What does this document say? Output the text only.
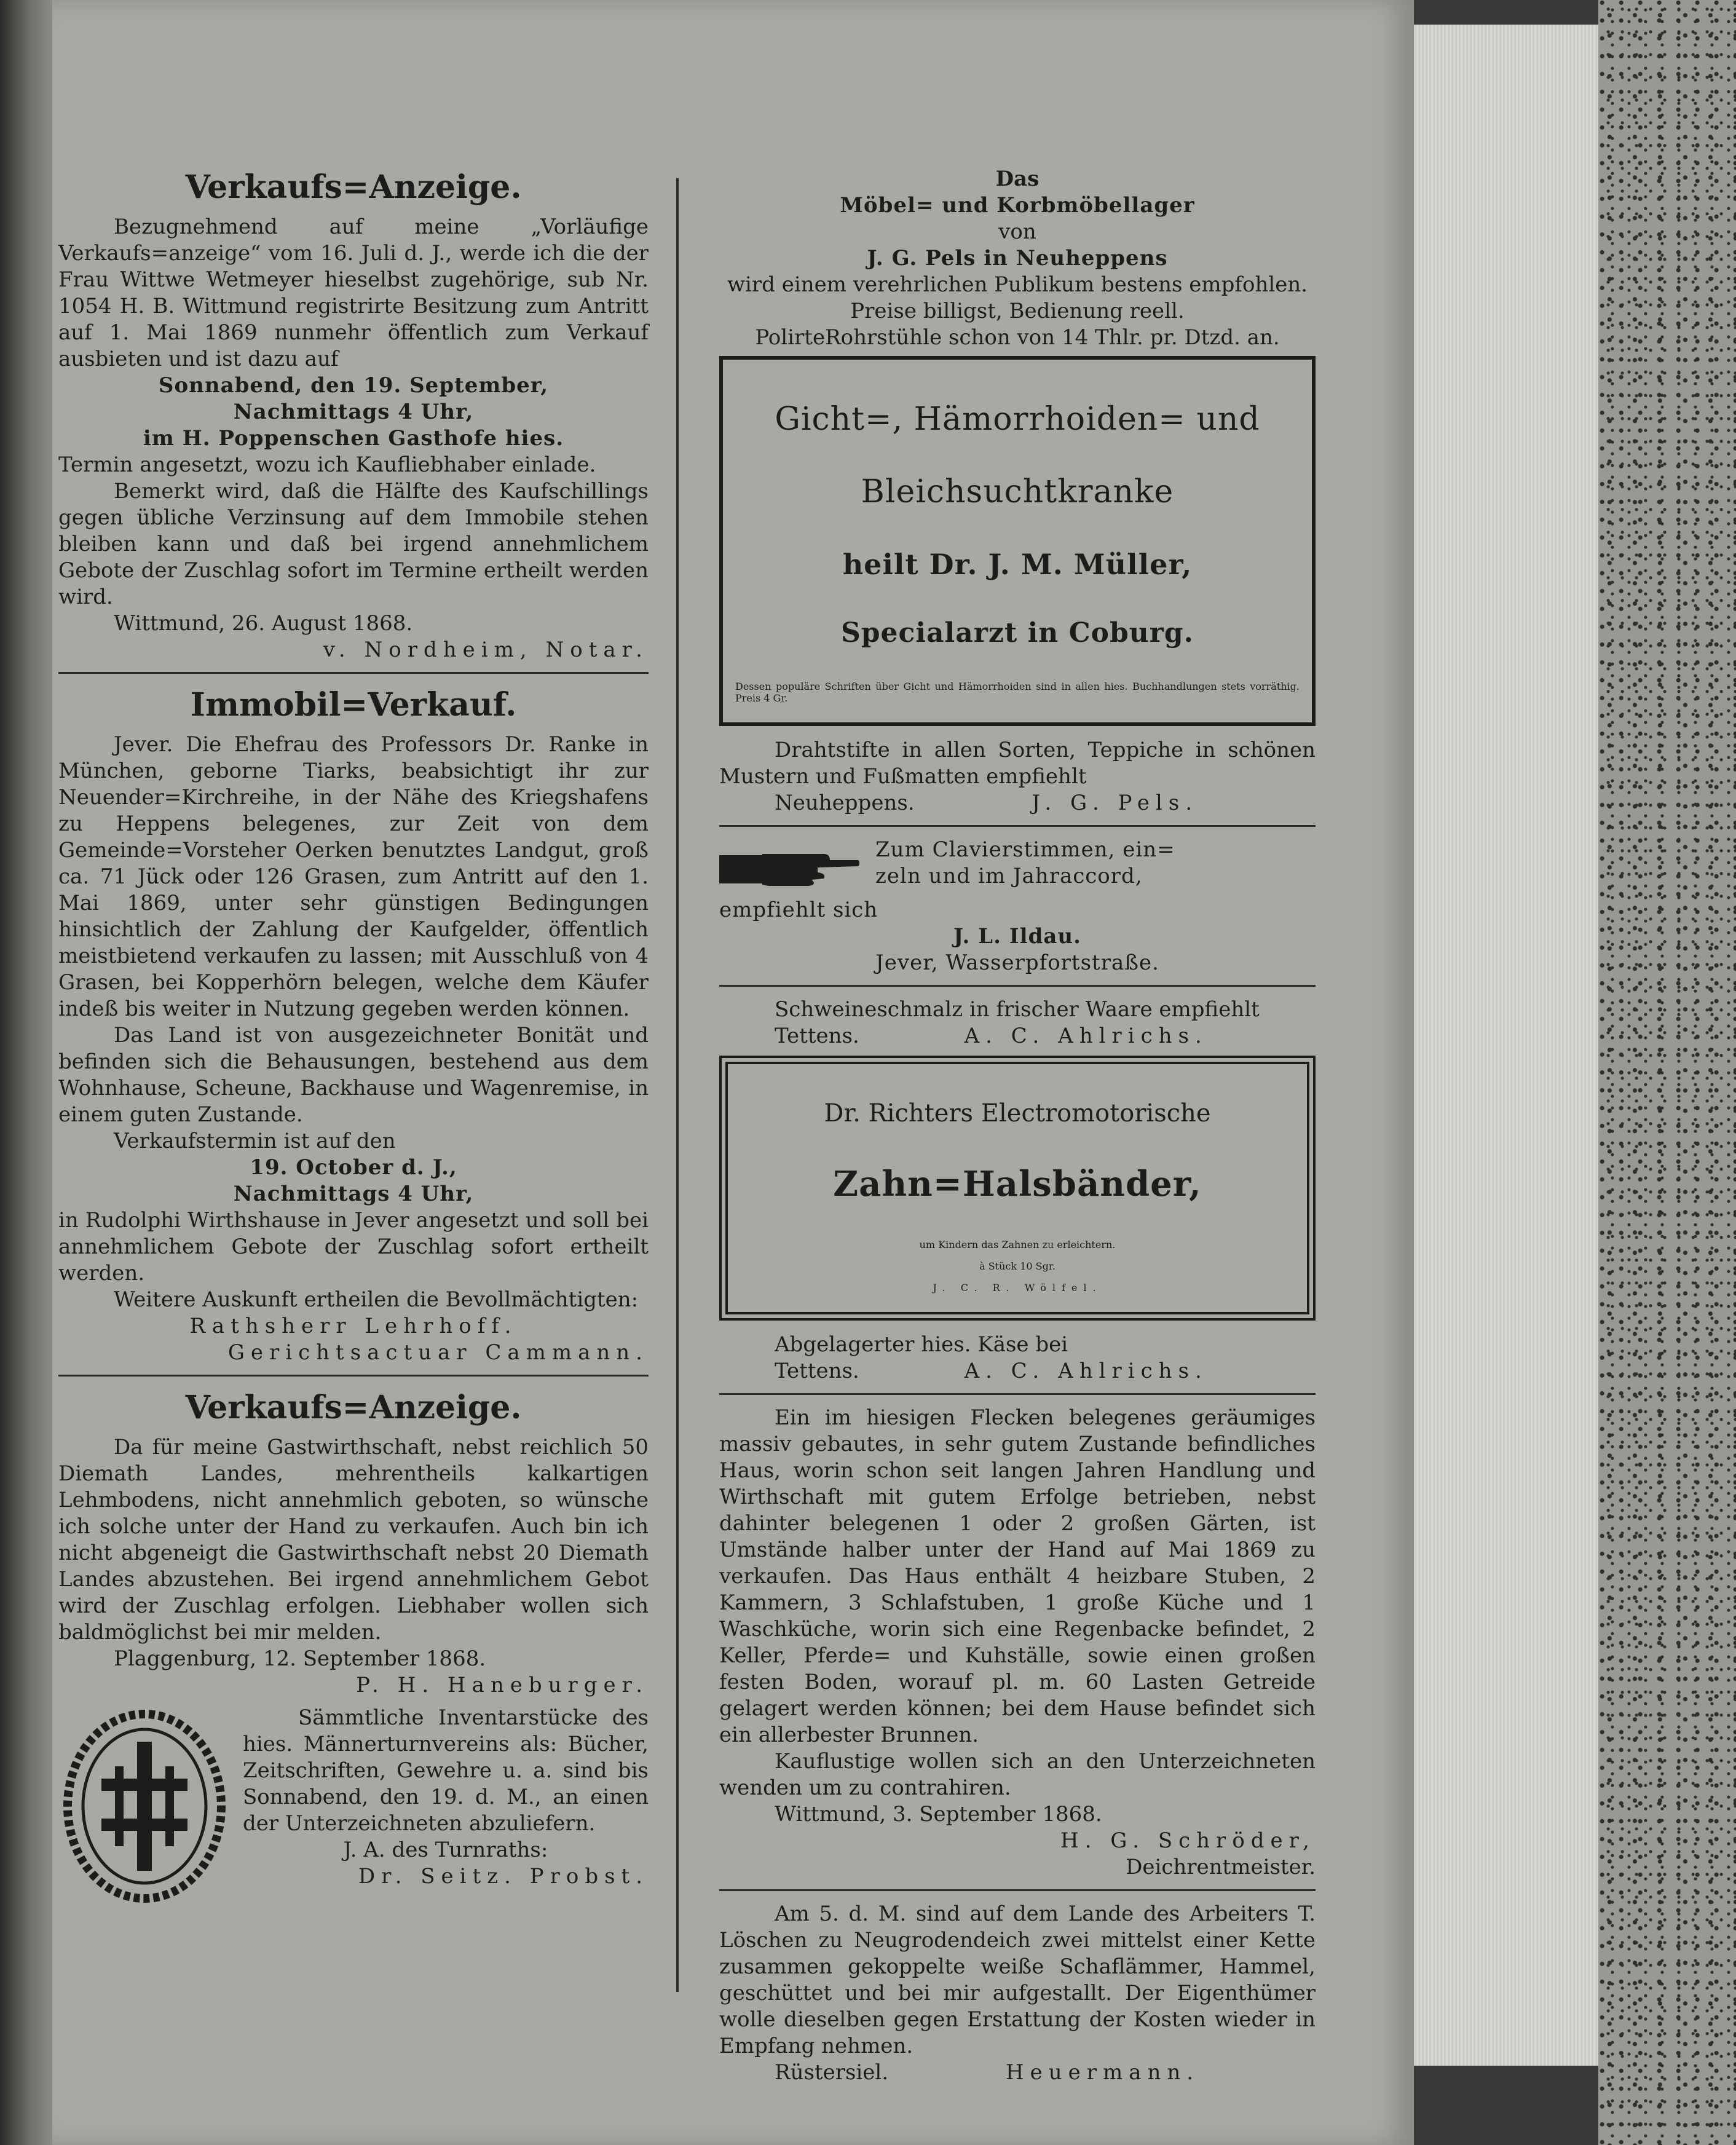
Verkaufs=Anzeige.

Bezugnehmend auf meine „Vorläufige Verkaufs=anzeige“ vom 16. Juli d. J., werde ich die der Frau Wittwe Wetmeyer hieselbst zugehörige, sub Nr. 1054 H. B. Wittmund registrirte Besitzung zum Antritt auf 1. Mai 1869 nunmehr öffentlich zum Verkauf ausbieten und ist dazu auf

Sonnabend, den 19. September,

Nachmittags 4 Uhr,

im H. Poppenschen Gasthofe hies.

Termin angesetzt, wozu ich Kaufliebhaber einlade.

Bemerkt wird, daß die Hälfte des Kaufschillings gegen übliche Verzinsung auf dem Immobile stehen bleiben kann und daß bei irgend annehmlichem Gebote der Zuschlag sofort im Termine ertheilt werden wird.

Wittmund, 26. August 1868.

v. Nordheim, Notar.

Immobil=Verkauf.

Jever. Die Ehefrau des Professors Dr. Ranke in München, geborne Tiarks, beabsichtigt ihr zur Neuender=Kirchreihe, in der Nähe des Kriegshafens zu Heppens belegenes, zur Zeit von dem Gemeinde=Vorsteher Oerken benutztes Landgut, groß ca. 71 Jück oder 126 Grasen, zum Antritt auf den 1. Mai 1869, unter sehr günstigen Bedingungen hinsichtlich der Zahlung der Kaufgelder, öffentlich meistbietend verkaufen zu lassen; mit Ausschluß von 4 Grasen, bei Kopperhörn belegen, welche dem Käufer indeß bis weiter in Nutzung gegeben werden können.

Das Land ist von ausgezeichneter Bonität und befinden sich die Behausungen, bestehend aus dem Wohnhause, Scheune, Backhause und Wagenremise, in einem guten Zustande.

Verkaufstermin ist auf den

19. October d. J.,

Nachmittags 4 Uhr,

in Rudolphi Wirthshause in Jever angesetzt und soll bei annehmlichem Gebote der Zuschlag sofort ertheilt werden.

Weitere Auskunft ertheilen die Bevollmächtigten:

Rathsherr Lehrhoff.

Gerichtsactuar Cammann.

Verkaufs=Anzeige.

Da für meine Gastwirthschaft, nebst reichlich 50 Diemath Landes, mehrentheils kalkartigen Lehmbodens, nicht annehmlich geboten, so wünsche ich solche unter der Hand zu verkaufen. Auch bin ich nicht abgeneigt die Gastwirthschaft nebst 20 Diemath Landes abzustehen. Bei irgend annehmlichem Gebot wird der Zuschlag erfolgen. Liebhaber wollen sich baldmöglichst bei mir melden.

Plaggenburg, 12. September 1868.

P. H. Haneburger.

Sämmtliche Inventarstücke des hies. Männerturnvereins als: Bücher, Zeitschriften, Gewehre u. a. sind bis Sonnabend, den 19. d. M., an einen der Unterzeichneten abzuliefern.

J. A. des Turnraths:

Dr. Seitz. Probst.

Das

Möbel= und Korbmöbellager

von

J. G. Pels in Neuheppens

wird einem verehrlichen Publikum bestens empfohlen.

Preise billigst, Bedienung reell.

PolirteRohrstühle schon von 14 Thlr. pr. Dtzd. an.

Gicht=, Hämorrhoiden= und

Bleichsuchtkranke

heilt Dr. J. M. Müller,

Specialarzt in Coburg.

Dessen populäre Schriften über Gicht und Hämorrhoiden sind in allen hies. Buchhandlungen stets vorräthig. Preis 4 Gr.

Drahtstifte in allen Sorten, Teppiche in schönen Mustern und Fußmatten empfiehlt

Neuheppens.	J. G. Pels.

Zum Clavierstimmen, ein=

zeln und im Jahraccord,

empfiehlt sich

J. L. Ildau.

Jever, Wasserpfortstraße.

Schweineschmalz in frischer Waare empfiehlt

Tettens.	A. C. Ahlrichs.

Dr. Richters Electromotorische

Zahn=Halsbänder,

um Kindern das Zahnen zu erleichtern.

à Stück 10 Sgr.

J. C. R. Wölfel.

Abgelagerter hies. Käse bei

Tettens.	A. C. Ahlrichs.

Ein im hiesigen Flecken belegenes geräumiges massiv gebautes, in sehr gutem Zustande befindliches Haus, worin schon seit langen Jahren Handlung und Wirthschaft mit gutem Erfolge betrieben, nebst dahinter belegenen 1 oder 2 großen Gärten, ist Umstände halber unter der Hand auf Mai 1869 zu verkaufen. Das Haus enthält 4 heizbare Stuben, 2 Kammern, 3 Schlafstuben, 1 große Küche und 1 Waschküche, worin sich eine Regenbacke befindet, 2 Keller, Pferde= und Kuhställe, sowie einen großen festen Boden, worauf pl. m. 60 Lasten Getreide gelagert werden können; bei dem Hause befindet sich ein allerbester Brunnen.

Kauflustige wollen sich an den Unterzeichneten wenden um zu contrahiren.

Wittmund, 3. September 1868.

H. G. Schröder,

Deichrentmeister.

Am 5. d. M. sind auf dem Lande des Arbeiters T. Löschen zu Neugrodendeich zwei mittelst einer Kette zusammen gekoppelte weiße Schaflämmer, Hammel, geschüttet und bei mir aufgestallt. Der Eigenthümer wolle dieselben gegen Erstattung der Kosten wieder in Empfang nehmen.

Rüstersiel.	Heuermann.
